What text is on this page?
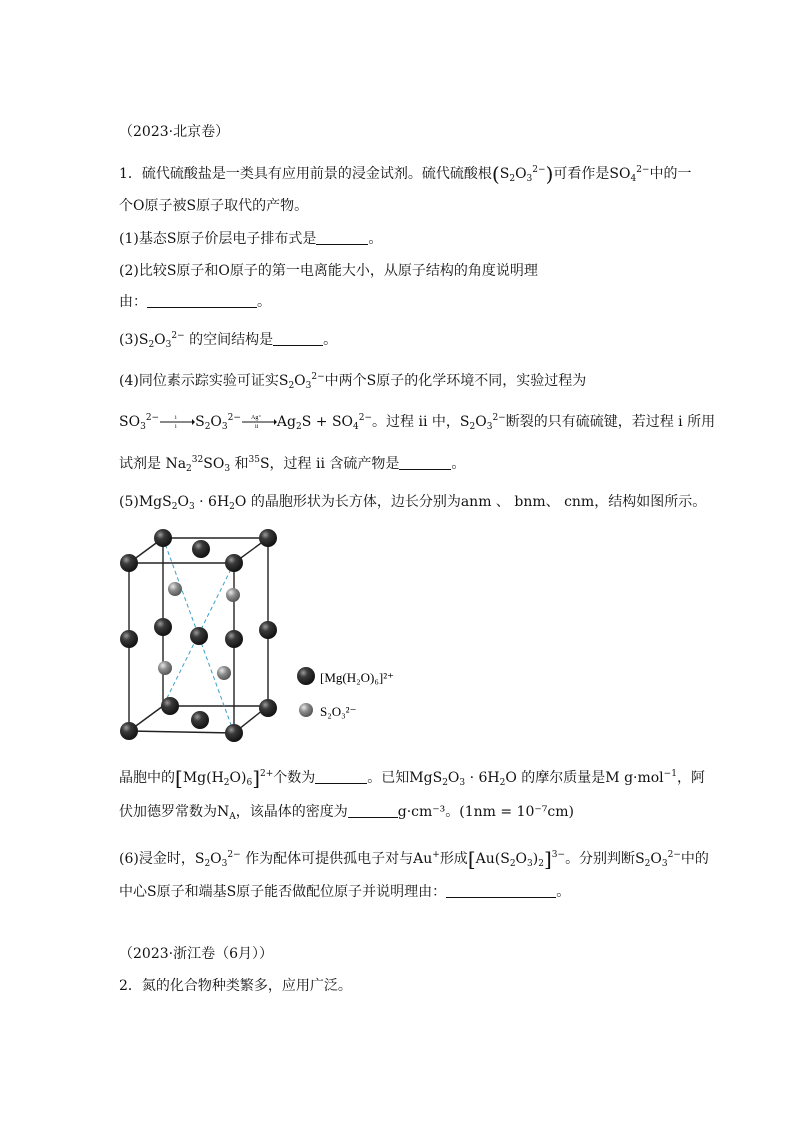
（2023·北京卷）
1．硫代硫酸盐是一类具有应用前景的浸金试剂。硫代硫酸根$(S_2O_3^{2-})$可看作是$SO_4^{2-}$中的一
个O原子被S原子取代的产物。
(1)基态S原子价层电子排布式是	。
(2)比较S原子和O原子的第一电离能大小，从原子结构的角度说明理
由：	。
$(3)S_2O_3^{2-}$ 的空间结构是	。
(4)同位素示踪实验可证实$S_2O_3^{2-}$中两个S原子的化学环境不同，实验过程为
$SO_3^{2-}$	i
i $S_2O_3^{2-}$ Ag⁺
ii $Ag_2S + SO_4^{2-}$。过程 ii 中，$S_2O_3^{2-}$断裂的只有硫硫键，若过程 i 所用
试剂是 $Na_2^{32}SO_3$ 和$^{35}$S，过程 ii 含硫产物是	。
$(5)MgS_2O_3 \cdot 6H_2O$ 的晶胞形状为长方体，边长分别为anm 、 bnm、 cnm，结构如图所示。
[Mg(H₂O)₆]²⁺
S₂O₃²⁻
晶胞中的$[Mg(H_2O)_6]^{2+}$个数为	。已知$MgS_2O_3 \cdot 6H_2O$ 的摩尔质量是M g·mol$^{-1}$，阿
伏加德罗常数为$N_A$，该晶体的密度为	g·cm⁻³。(1nm = 10⁻⁷cm)
(6)浸金时，$S_2O_3^{2-}$ 作为配体可提供孤电子对与Au+形成$[Au(S_2O_3)_2]^{3-}$。分别判断$S_2O_3^{2-}$中的
中心S原子和端基S原子能否做配位原子并说明理由：	。
（2023·浙江卷（6月））
2．氮的化合物种类繁多，应用广泛。
